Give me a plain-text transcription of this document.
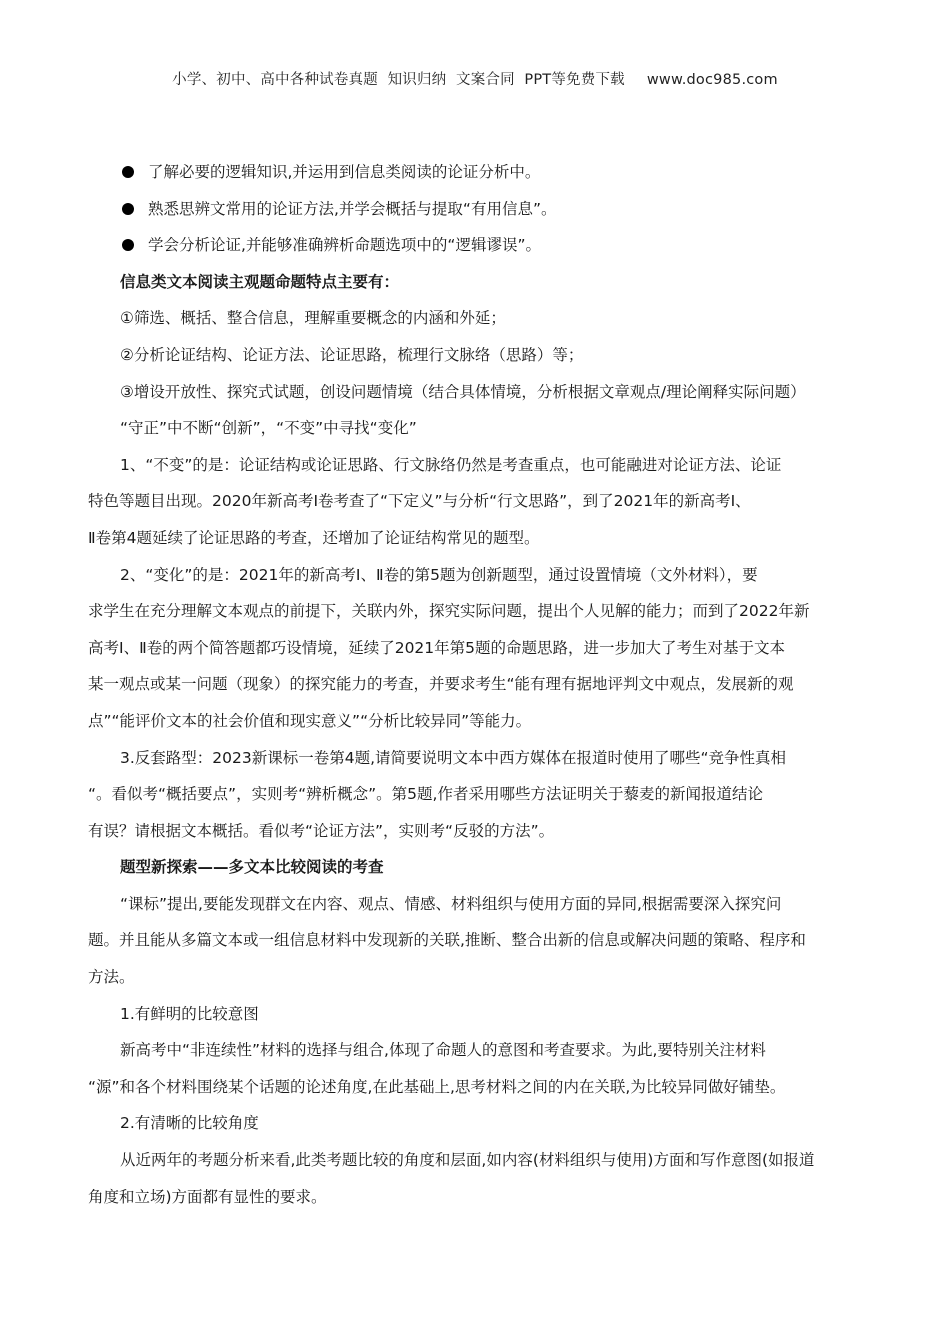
小学、初中、高中各种试卷真题  知识归纳  文案合同  PPT等免费下载 www.doc985.com
了解必要的逻辑知识,并运用到信息类阅读的论证分析中。
熟悉思辨文常用的论证方法,并学会概括与提取“有用信息”。
学会分析论证,并能够准确辨析命题选项中的“逻辑谬误”。
信息类文本阅读主观题命题特点主要有：
①筛选、概括、整合信息，理解重要概念的内涵和外延；
②分析论证结构、论证方法、论证思路，梳理行文脉络（思路）等；
③增设开放性、探究式试题，创设问题情境（结合具体情境，分析根据文章观点/理论阐释实际问题）
“守正”中不断“创新”，“不变”中寻找“变化”
1、“不变”的是：论证结构或论证思路、行文脉络仍然是考查重点，也可能融进对论证方法、论证
特色等题目出现。2020年新高考Ⅰ卷考查了“下定义”与分析“行文思路”，到了2021年的新高考Ⅰ、
Ⅱ卷第4题延续了论证思路的考查，还增加了论证结构常见的题型。
2、“变化”的是：2021年的新高考Ⅰ、Ⅱ卷的第5题为创新题型，通过设置情境（文外材料），要
求学生在充分理解文本观点的前提下，关联内外，探究实际问题，提出个人见解的能力；而到了2022年新
高考Ⅰ、Ⅱ卷的两个简答题都巧设情境，延续了2021年第5题的命题思路，进一步加大了考生对基于文本
某一观点或某一问题（现象）的探究能力的考查，并要求考生“能有理有据地评判文中观点，发展新的观
点”“能评价文本的社会价值和现实意义”“分析比较异同”等能力。
3.反套路型：2023新课标一卷第4题,请简要说明文本中西方媒体在报道时使用了哪些“竞争性真相
“。看似考“概括要点”，实则考“辨析概念”。第5题,作者采用哪些方法证明关于藜麦的新闻报道结论
有误？请根据文本概括。看似考“论证方法”，实则考“反驳的方法”。
题型新探索——多文本比较阅读的考查
“课标”提出,要能发现群文在内容、观点、情感、材料组织与使用方面的异同,根据需要深入探究问
题。并且能从多篇文本或一组信息材料中发现新的关联,推断、整合出新的信息或解决问题的策略、程序和
方法。
1.有鲜明的比较意图
新高考中“非连续性”材料的选择与组合,体现了命题人的意图和考查要求。为此,要特别关注材料
“源”和各个材料围绕某个话题的论述角度,在此基础上,思考材料之间的内在关联,为比较异同做好铺垫。
2.有清晰的比较角度
从近两年的考题分析来看,此类考题比较的角度和层面,如内容(材料组织与使用)方面和写作意图(如报道
角度和立场)方面都有显性的要求。
